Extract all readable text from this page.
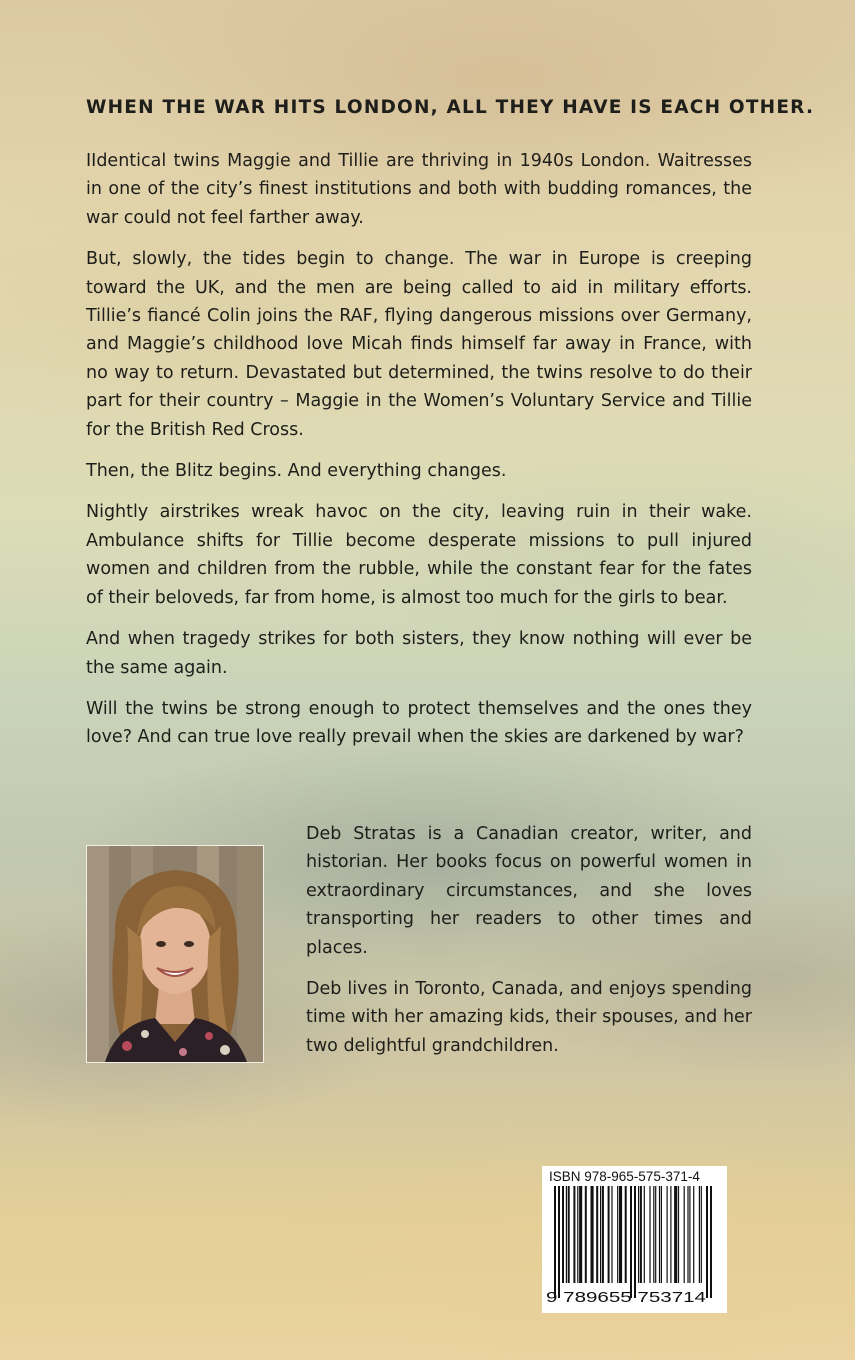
WHEN THE WAR HITS LONDON, ALL THEY HAVE IS EACH OTHER.

IIdentical twins Maggie and Tillie are thriving in 1940s London. Waitresses in one of the city’s finest institutions and both with budding romances, the war could not feel farther away.

But, slowly, the tides begin to change. The war in Europe is creeping toward the UK, and the men are being called to aid in military efforts. Tillie’s fiancé Colin joins the RAF, flying dangerous missions over Germany, and Maggie’s childhood love Micah finds himself far away in France, with no way to return. Devastated but determined, the twins resolve to do their part for their country – Maggie in the Women’s Voluntary Service and Tillie for the British Red Cross.

Then, the Blitz begins. And everything changes.

Nightly airstrikes wreak havoc on the city, leaving ruin in their wake. Ambulance shifts for Tillie become desperate missions to pull injured women and children from the rubble, while the constant fear for the fates of their beloveds, far from home, is almost too much for the girls to bear.

And when tragedy strikes for both sisters, they know nothing will ever be the same again.

Will the twins be strong enough to protect themselves and the ones they love? And can true love really prevail when the skies are darkened by war?

Deb Stratas is a Canadian creator, writer, and historian. Her books focus on powerful women in extraordinary circumstances, and she loves transporting her readers to other times and places.

Deb lives in Toronto, Canada, and enjoys spending time with her amazing kids, their spouses, and her two delightful grandchildren.

9 789655 753714
ISBN 978-965-575-371-4
